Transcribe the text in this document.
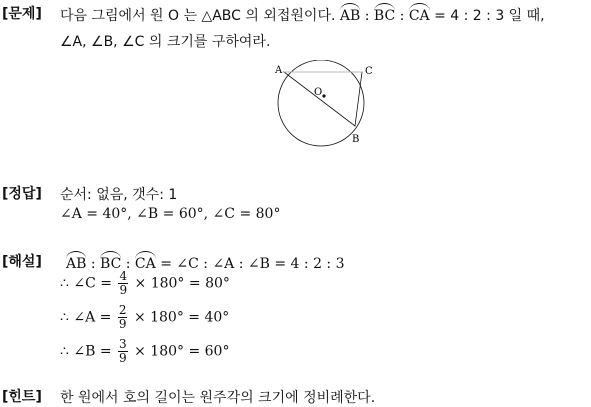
[문제] 다음 그림에서 원 O 는 △ABC 의 외접원이다. AB : BC : CA = 4 : 2 : 3 일 때,
∠A, ∠B, ∠C 의 크기를 구하여라.
A	C
B
O
[정답] 순서: 없음, 갯수: 1
∠A = 40°, ∠B = 60°, ∠C = 80°
[해설] AB : BC : CA = ∠C : ∠A : ∠B = 4 : 2 : 3
∴ ∠C = $\frac{4}{9} \times 180^\circ = 80^\circ$
∴ ∠A = $\frac{2}{9} \times 180^\circ = 40^\circ$
∴ ∠B = $\frac{3}{9} \times 180^\circ = 60^\circ$
[힌트] 한 원에서 호의 길이는 원주각의 크기에 정비례한다.
